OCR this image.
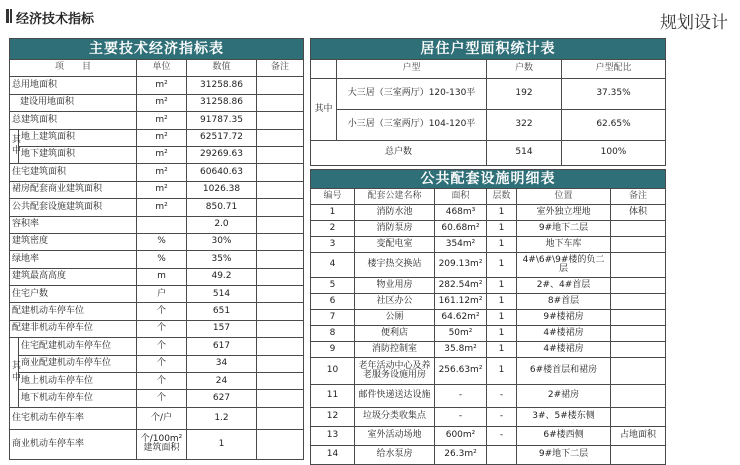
经济技术指标	规划设计
主要技术经济指标表				
项　　目		单位	数值	备注
总用地面积		m²	31258.86	
建设用地面积		m²	31258.86	
总建筑面积		m²	91787.35	
其中	地上建筑面积	m²	62517.72	
	地下建筑面积	m²	29269.63	
住宅建筑面积		m²	60640.63	
裙房配套商业建筑面积		m²	1026.38	
公共配套设施建筑面积		m²	850.71	
容积率			2.0	
建筑密度		%	30%	
绿地率		%	35%	
建筑最高高度		m	49.2	
住宅户数		户	514	
配建机动车停车位		个	651	
配建非机动车停车位		个	157	
其中	住宅配建机动车停车位	个	617	
	商业配建机动车停车位	个	34	
	地上机动车停车位	个	24	
	地下机动车停车位	个	627	
住宅机动车停车率		个/户	1.2	
商业机动车停车率		个/100m²建筑面积	1	
居住户型面积统计表			
	户型	户数	户型配比
其中	大三居（三室两厅）120-130平	192	37.35%
	小三居（三室两厅）104-120平	322	62.65%
总户数		514	100%
公共配套设施明细表					
编号	配套公建名称	面积	层数	位置	备注
1	消防水池	468m³	1	室外独立埋地	体积
2	消防泵房	60.68m²	1	9#地下二层	
3	变配电室	354m²	1	地下车库	
4	楼宇热交换站	209.13m²	1	4#\6#\9#楼的负二层	
5	物业用房	282.54m²	1	2#、4#首层	
6	社区办公	161.12m²	1	8#首层	
7	公厕	64.62m²	1	9#楼裙房	
8	便利店	50m²	1	4#楼裙房	
9	消防控制室	35.8m²	1	4#楼裙房	
10	老年活动中心及养老服务设施用房	256.63m²	1	6#楼首层和裙房	
11	邮件快递送达设施	-	-	2#裙房	
12	垃圾分类收集点	-	-	3#、5#楼东侧	
13	室外活动场地	600m²	-	6#楼西侧	占地面积
14	给水泵房	26.3m²		9#地下二层	
